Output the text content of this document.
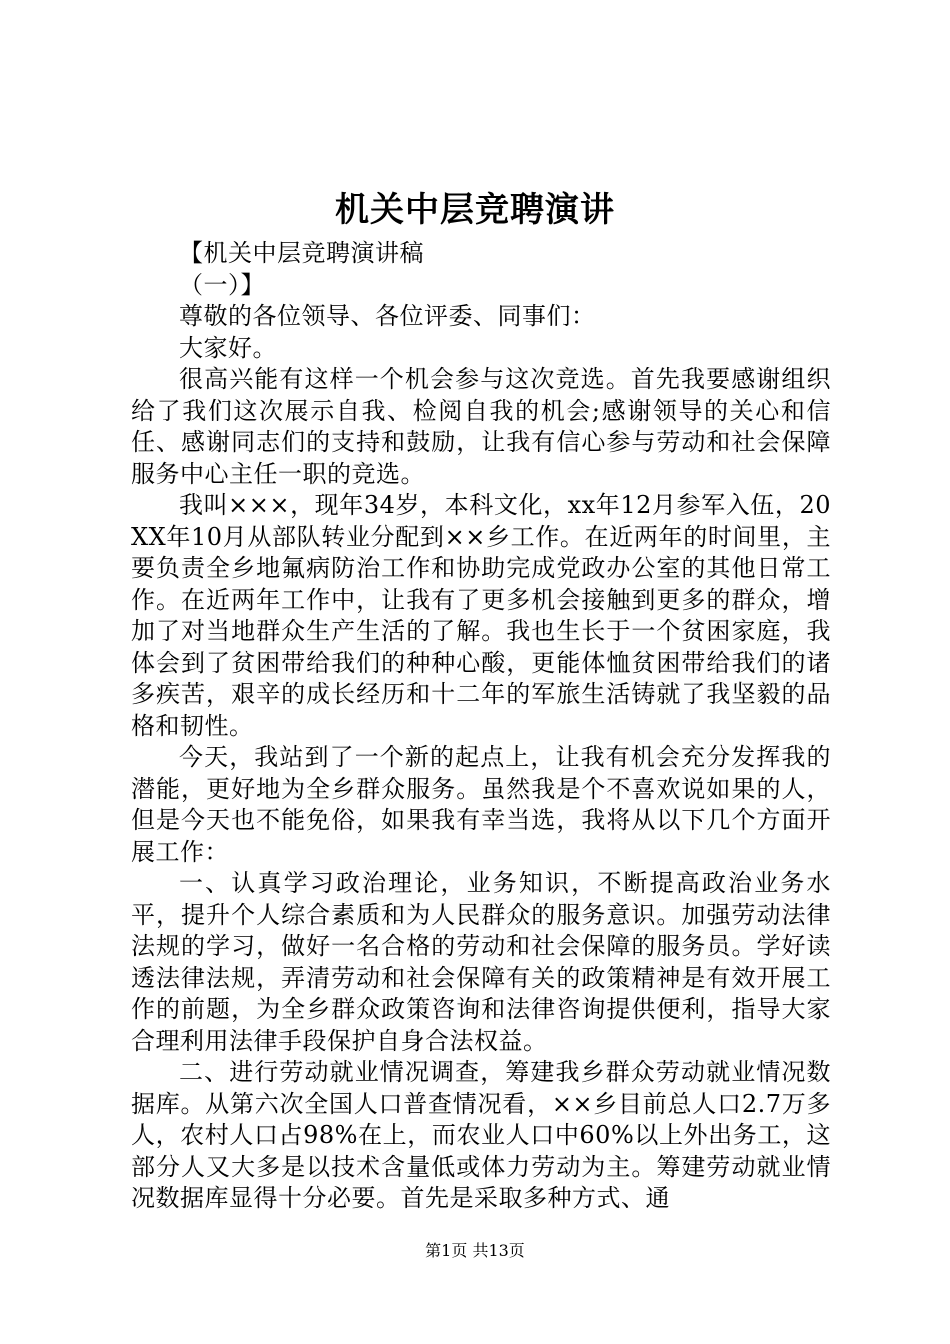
机关中层竞聘演讲

【机关中层竞聘演讲稿

（一）】

尊敬的各位领导、各位评委、同事们：

大家好。

很高兴能有这样一个机会参与这次竞选。首先我要感谢组织给了我们这次展示自我、检阅自我的机会;感谢领导的关心和信任、感谢同志们的支持和鼓励，让我有信心参与劳动和社会保障服务中心主任一职的竞选。

我叫×××，现年34岁，本科文化，xx年12月参军入伍，20XX年10月从部队转业分配到××乡工作。在近两年的时间里，主要负责全乡地氟病防治工作和协助完成党政办公室的其他日常工作。在近两年工作中，让我有了更多机会接触到更多的群众，增加了对当地群众生产生活的了解。我也生长于一个贫困家庭，我体会到了贫困带给我们的种种心酸，更能体恤贫困带给我们的诸多疾苦，艰辛的成长经历和十二年的军旅生活铸就了我坚毅的品格和韧性。

今天，我站到了一个新的起点上，让我有机会充分发挥我的潜能，更好地为全乡群众服务。虽然我是个不喜欢说如果的人，但是今天也不能免俗，如果我有幸当选，我将从以下几个方面开展工作：

一、认真学习政治理论，业务知识，不断提高政治业务水平，提升个人综合素质和为人民群众的服务意识。加强劳动法律法规的学习，做好一名合格的劳动和社会保障的服务员。学好读透法律法规，弄清劳动和社会保障有关的政策精神是有效开展工作的前题，为全乡群众政策咨询和法律咨询提供便利，指导大家合理利用法律手段保护自身合法权益。

二、进行劳动就业情况调查，筹建我乡群众劳动就业情况数据库。从第六次全国人口普查情况看，××乡目前总人口2.7万多人，农村人口占98%在上，而农业人口中60%以上外出务工，这部分人又大多是以技术含量低或体力劳动为主。筹建劳动就业情况数据库显得十分必要。首先是采取多种方式、通

第1页 共13页
